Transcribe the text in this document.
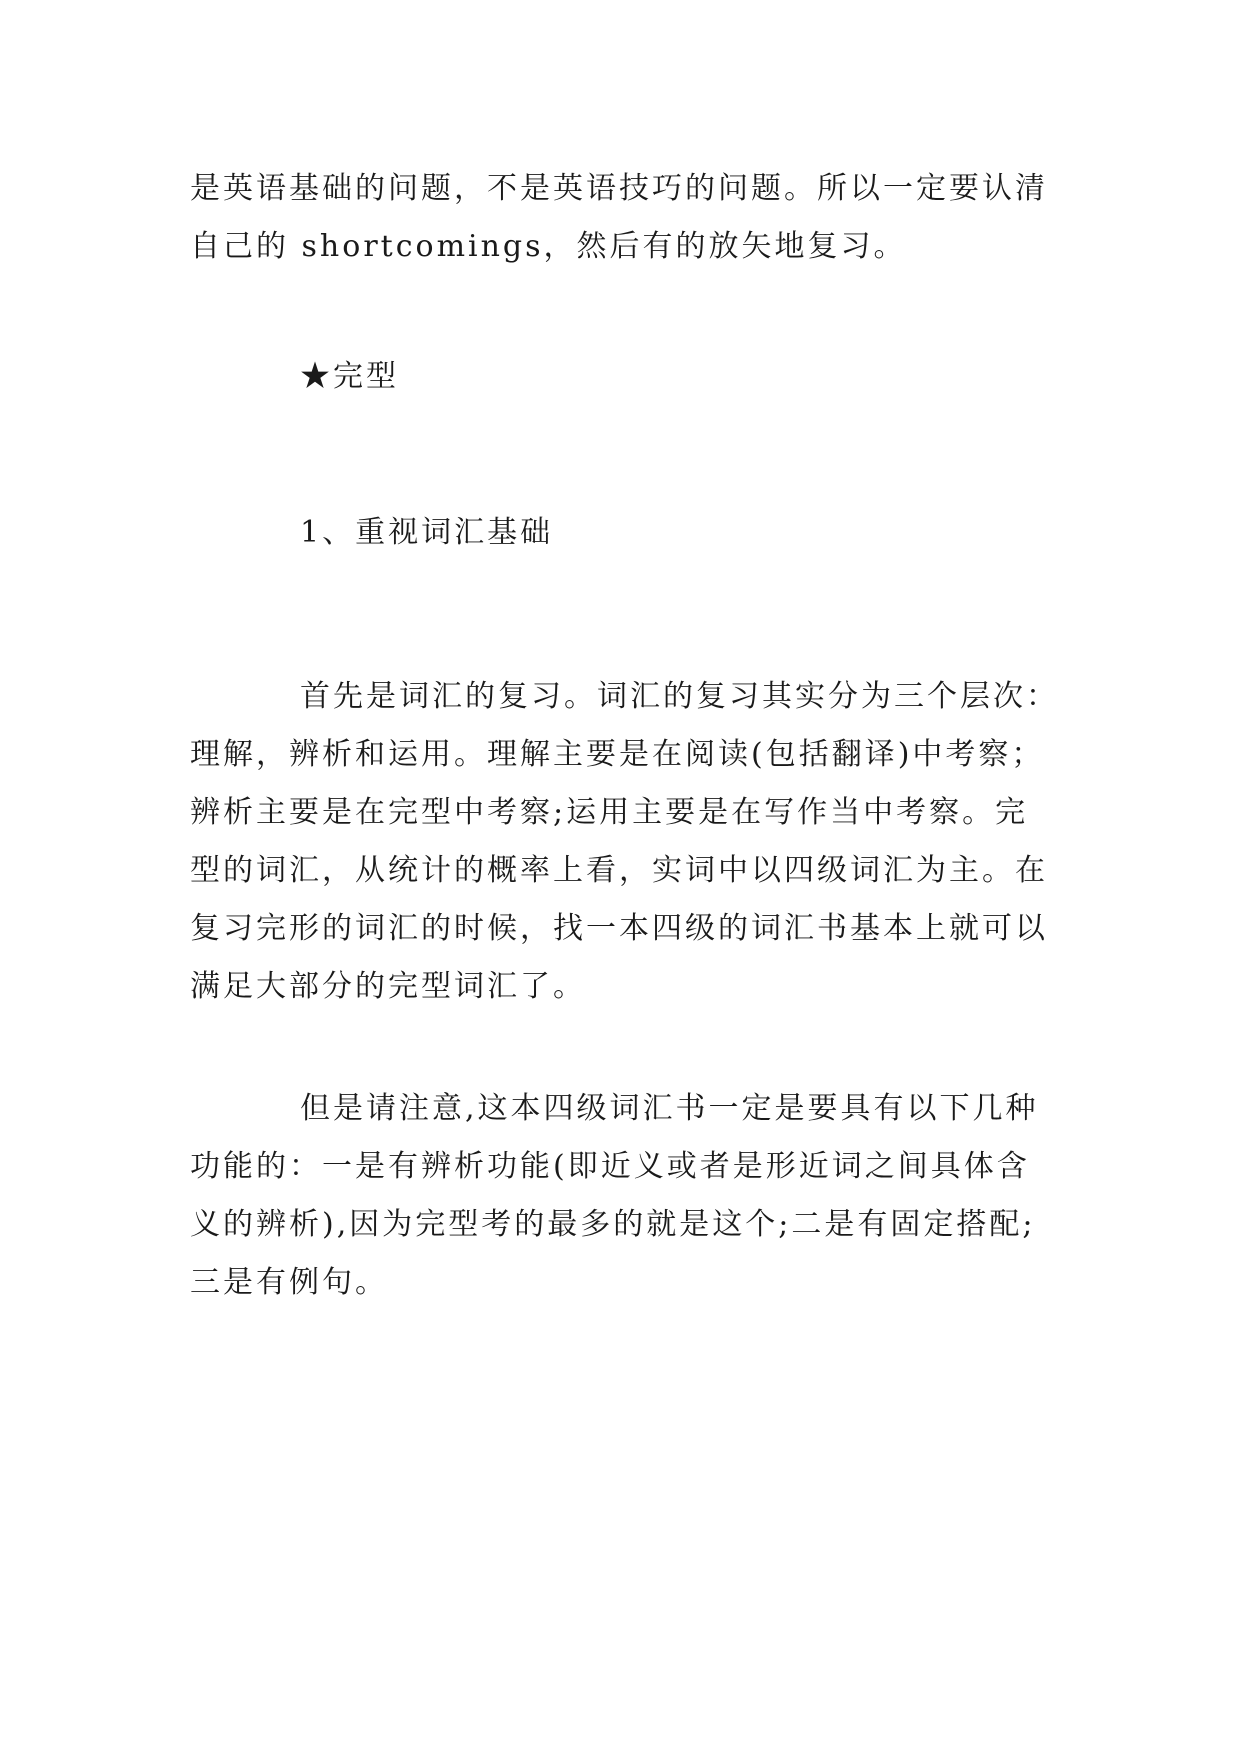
是英语基础的问题，不是英语技巧的问题。所以一定要认清
自己的 shortcomings，然后有的放矢地复习。

★完型

1、重视词汇基础

首先是词汇的复习。词汇的复习其实分为三个层次：
理解，辨析和运用。理解主要是在阅读(包括翻译)中考察；
辨析主要是在完型中考察;运用主要是在写作当中考察。完
型的词汇，从统计的概率上看，实词中以四级词汇为主。在
复习完形的词汇的时候，找一本四级的词汇书基本上就可以
满足大部分的完型词汇了。

但是请注意,这本四级词汇书一定是要具有以下几种
功能的：一是有辨析功能(即近义或者是形近词之间具体含
义的辨析),因为完型考的最多的就是这个;二是有固定搭配;
三是有例句。
